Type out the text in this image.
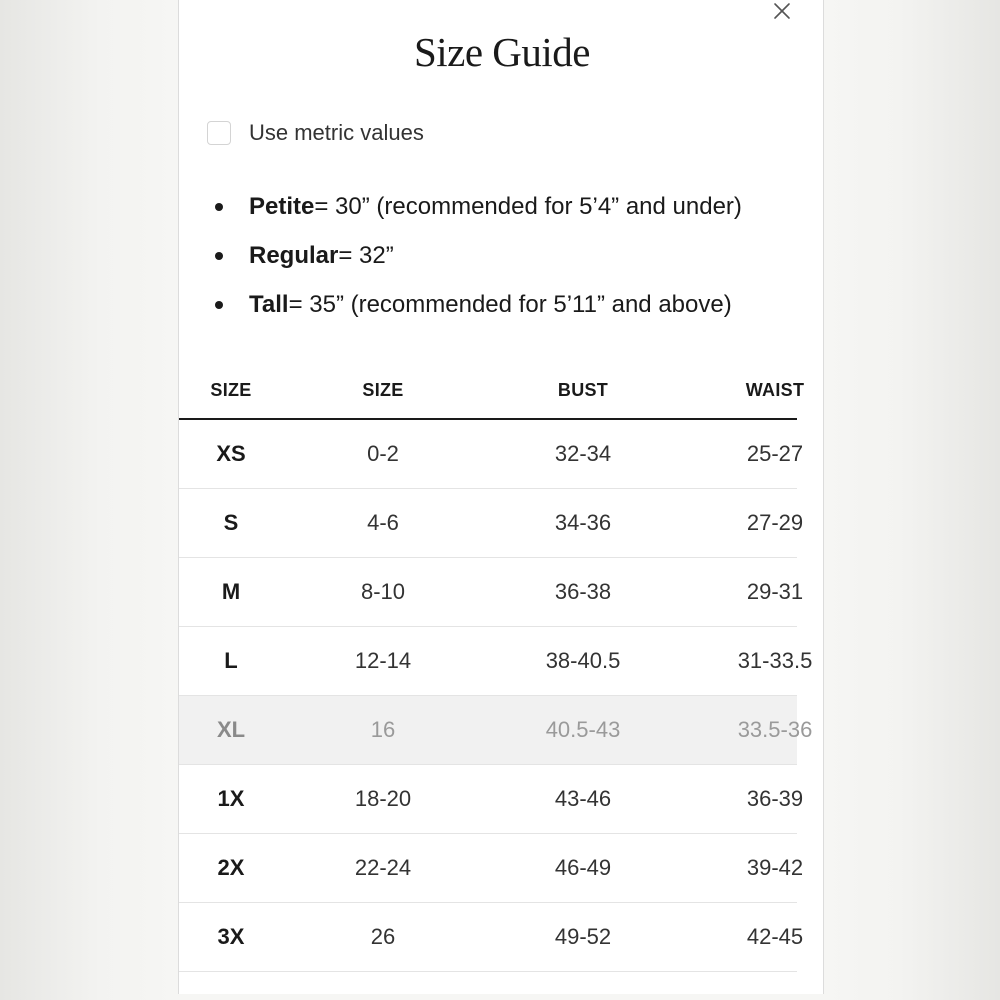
Size Guide
Use metric values
Petite = 30” (recommended for 5’4” and under)
Regular = 32”
Tall = 35” (recommended for 5’11” and above)
SIZE	SIZE	BUST	WAIST
XS	0-2	32-34	25-27
S	4-6	34-36	27-29
M	8-10	36-38	29-31
L	12-14	38-40.5	31-33.5
XL	16	40.5-43	33.5-36
1X	18-20	43-46	36-39
2X	22-24	46-49	39-42
3X	26	49-52	42-45
